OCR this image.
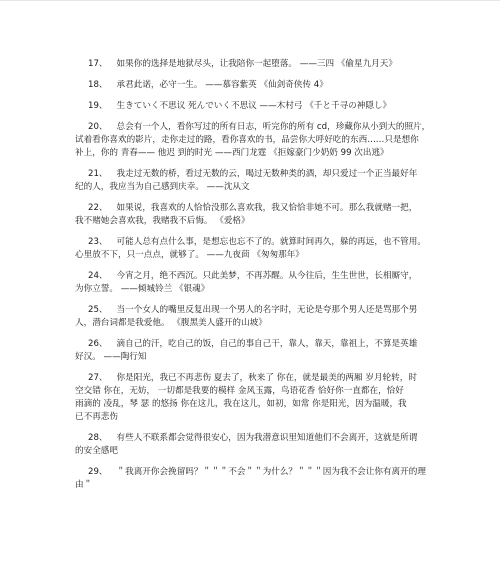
17、 如果你的选择是地狱尽头，让我陪你一起堕落。 ——三四 《偷星九月天》
18、 承君此诺，必守一生。 ——慕容紫英 《仙剑奇侠传 4》
19、 生きていく不思议 死んでいく不思议 ——木村弓 《千と千寻の神隠し》
20、 总会有一个人，看你写过的所有日志，听完你的所有 cd，珍藏你从小到大的照片，
试着看你喜欢的影片，走你走过的路，看你喜欢的书，品尝你大呼好吃的东西……只是想你
补上，你的 青春—— 他迟 到的时光 ——西门龙霆 《拒嫁豪门少奶奶 99 次出逃》
21、 我走过无数的桥，看过无数的云，喝过无数种类的酒，却只爱过一个正当最好年
纪的人，我应当为自己感到庆幸。 ——沈从文
22、 如果说，我喜欢的人恰恰没那么喜欢我，我又恰恰非她不可。那么我就赌一把，
我不赌她会喜欢我，我赌我不后悔。 《爱格》
23、 可能人总有点什么事，是想忘也忘不了的。就算时间再久，躲的再远，也不管用。
心里放不下，只一点点，就够了。 ——九夜茴 《匆匆那年》
24、 今宵之月，绝不西沉。只此美梦，不再苏醒。从今往后，生生世世，长相厮守，
为你立誓。 ——倾城铃兰 《银魂》
25、 当一个女人的嘴里反复出现一个男人的名字时，无论是夸那个男人还是骂那个男
人，潜台词都是我爱他。 《腹黑美人盛开的山坡》
26、 滴自己的汗，吃自己的饭，自己的事自己干，靠人，靠天，靠祖上，不算是英雄
好汉。 ——陶行知
27、 你是阳光，我已不再悲伤 夏去了，秋来了 你在，就是最美的两厢 岁月轮转，时
空交错 你在，无妨， 一切都是我要的模样 金风玉露，鸟语花香 恰好你一直都在，恰好
雨滴的 凌乱，琴 瑟 的悠扬 你在这儿，我在这儿，如初，如常 你是阳光，因为温暖，我
已不再悲伤
28、 有些人不联系都会觉得很安心，因为我潜意识里知道他们不会离开，这就是所谓
的安全感吧
29、 ＂我离开你会挽留吗？＂＂＂不会＂＂为什么？＂＂＂因为我不会让你有离开的理
由＂
